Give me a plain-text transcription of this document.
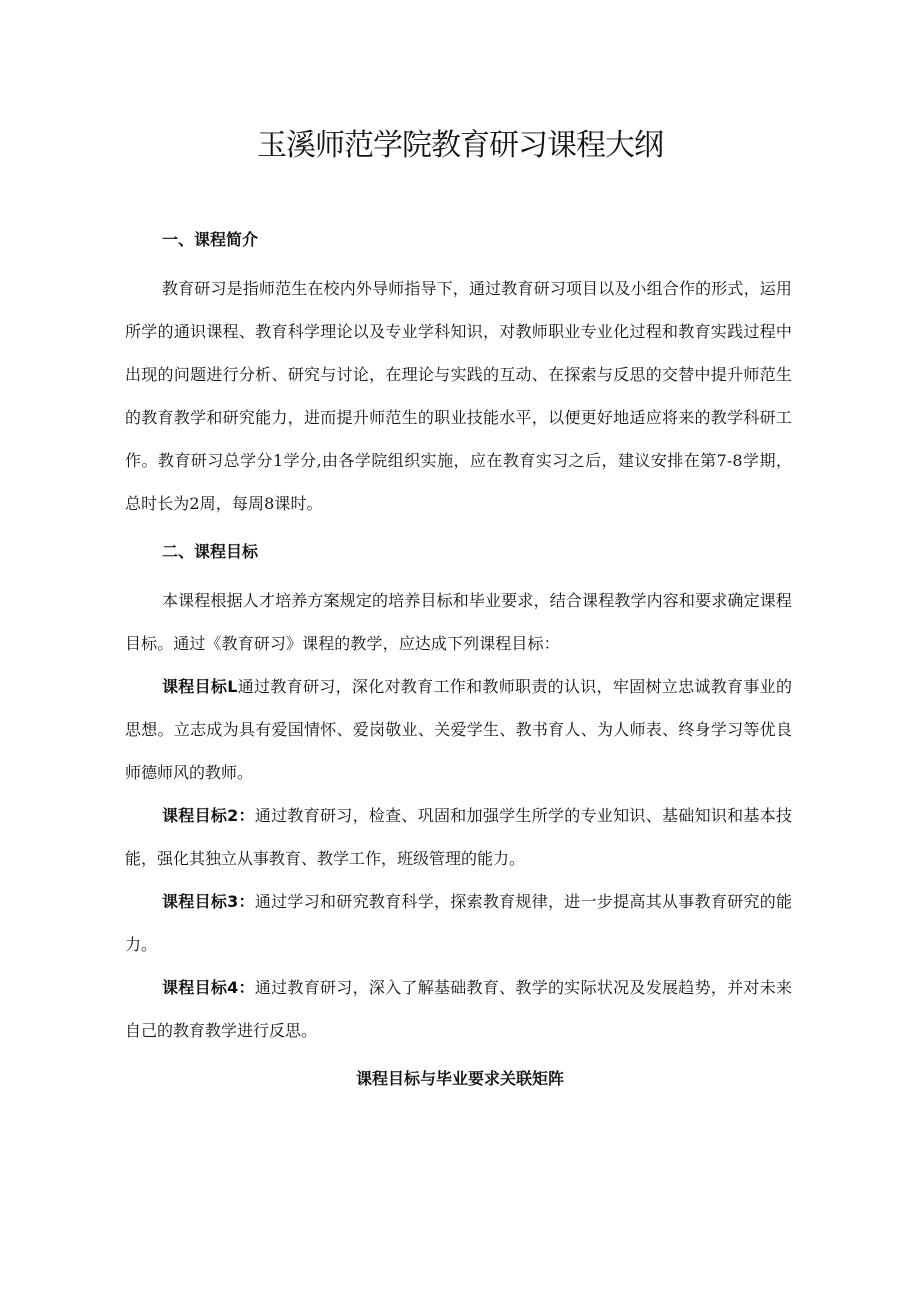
玉溪师范学院教育研习课程大纲
一、课程简介

教育研习是指师范生在校内外导师指导下，通过教育研习项目以及小组合作的形式，运用所学的通识课程、教育科学理论以及专业学科知识，对教师职业专业化过程和教育实践过程中出现的问题进行分析、研究与讨论，在理论与实践的互动、在探索与反思的交替中提升师范生的教育教学和研究能力，进而提升师范生的职业技能水平，以便更好地适应将来的教学科研工作。教育研习总学分1学分,由各学院组织实施，应在教育实习之后，建议安排在第7-8学期，总时长为2周，每周8课时。

二、课程目标

本课程根据人才培养方案规定的培养目标和毕业要求，结合课程教学内容和要求确定课程目标。通过《教育研习》课程的教学，应达成下列课程目标：

课程目标L通过教育研习，深化对教育工作和教师职责的认识，牢固树立忠诚教育事业的思想。立志成为具有爱国情怀、爱岗敬业、关爱学生、教书育人、为人师表、终身学习等优良师德师风的教师。

课程目标2：通过教育研习，检查、巩固和加强学生所学的专业知识、基础知识和基本技能，强化其独立从事教育、教学工作，班级管理的能力。

课程目标3：通过学习和研究教育科学，探索教育规律，进一步提高其从事教育研究的能力。

课程目标4：通过教育研习，深入了解基础教育、教学的实际状况及发展趋势，并对未来自己的教育教学进行反思。

课程目标与毕业要求关联矩阵
